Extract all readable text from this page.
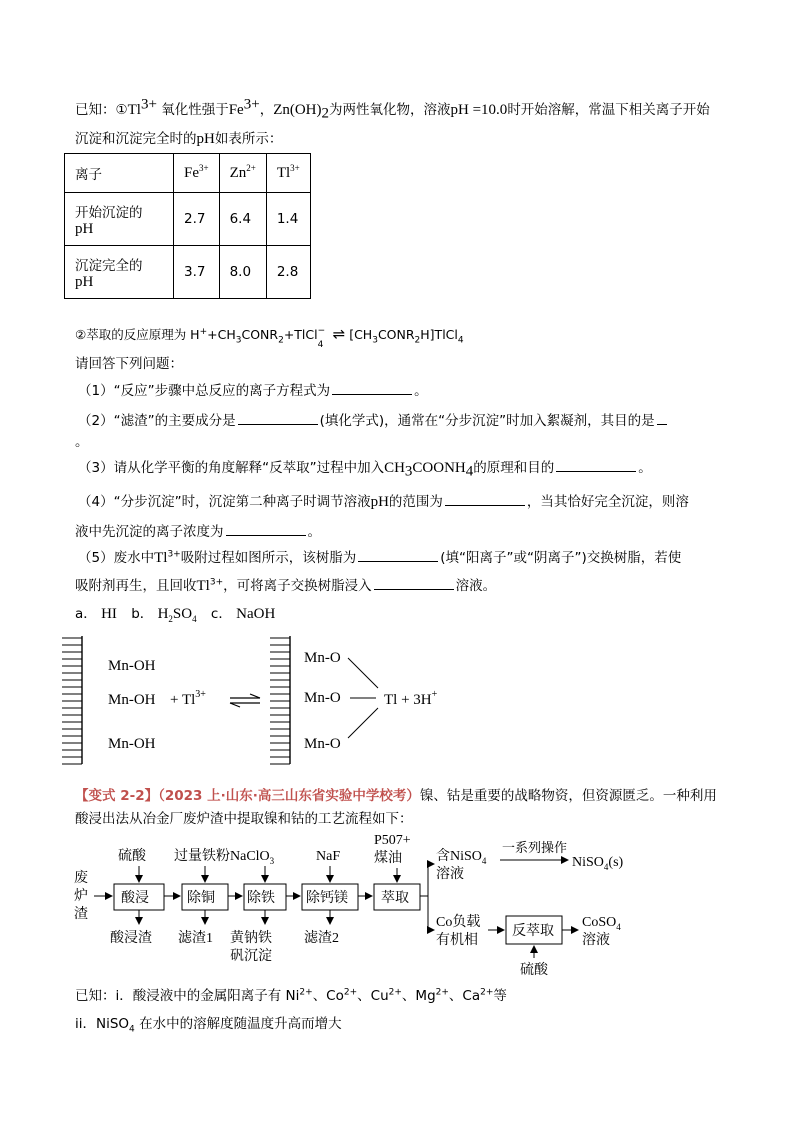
已知：$①Tl^{3+}$ 氧化性强于$Fe^{3+}$，$Zn(OH)_2$为两性氧化物，溶液pH =10.0时开始溶解，常温下相关离子开始
沉淀和沉淀完全时的pH如表所示：
离子	$Fe^{3+}$	$Zn^{2+}$	$Tl^{3+}$
开始沉淀的
pH	2.7	6.4	1.4
沉淀完全的
pH	3.7	8.0	2.8
②萃取的反应原理为 $H^++CH_3CONR_2+TlCl$ −
4
⇌ $[CH_3CONR_2H]TlCl_4$
请回答下列问题：
（1）“反应”步骤中总反应的离子方程式为	。
（2）“滤渣”的主要成分是	(填化学式)，通常在“分步沉淀”时加入絮凝剂，其目的是
。
（3）请从化学平衡的角度解释“反萃取”过程中加入$CH_3COONH_4$的原理和目的	。
（4）“分步沉淀”时，沉淀第二种离子时调节溶液pH的范围为	，当其恰好完全沉淀，则溶
液中先沉淀的离子浓度为	。
（5）废水中$Tl^{3+}$吸附过程如图所示，该树脂为	(填“阳离子”或“阴离子”)交换树脂，若使
吸附剂再生，且回收$Tl^{3+}$，可将离子交换树脂浸入	溶液。
a． HI b． $H_2SO_4$ c． NaOH
Mn-OH
Mn-OH
Mn-OH
+ $Tl^{3+}$
Mn-O
Mn-O
Mn-O
Tl + 3H+
【变式 2-2】（2023 上·山东·高三山东省实验中学校考）镍、钴是重要的战略物资，但资源匮乏。一种利用
酸浸出法从冶金厂废炉渣中提取镍和钴的工艺流程如下：
废
炉
渣
酸浸
硫酸
酸浸渣
除铜
过量铁粉
滤渣1
除铁
NaClO$_3$
黄钠铁
矾沉淀
除钙镁
NaF
滤渣2
萃取
P507+
煤油 含NiSO$_4$
溶液
一系列操作
NiSO$_4$(s)
Co负载
有机相
反萃取
硫酸
CoSO$_4$
溶液
已知：i．酸浸液中的金属阳离子有 $Ni^{2+}$、$Co^{2+}$、$Cu^{2+}$、$Mg^{2+}$、$Ca^{2+}$等
ii．NiSO$_4$ 在水中的溶解度随温度升高而增大
